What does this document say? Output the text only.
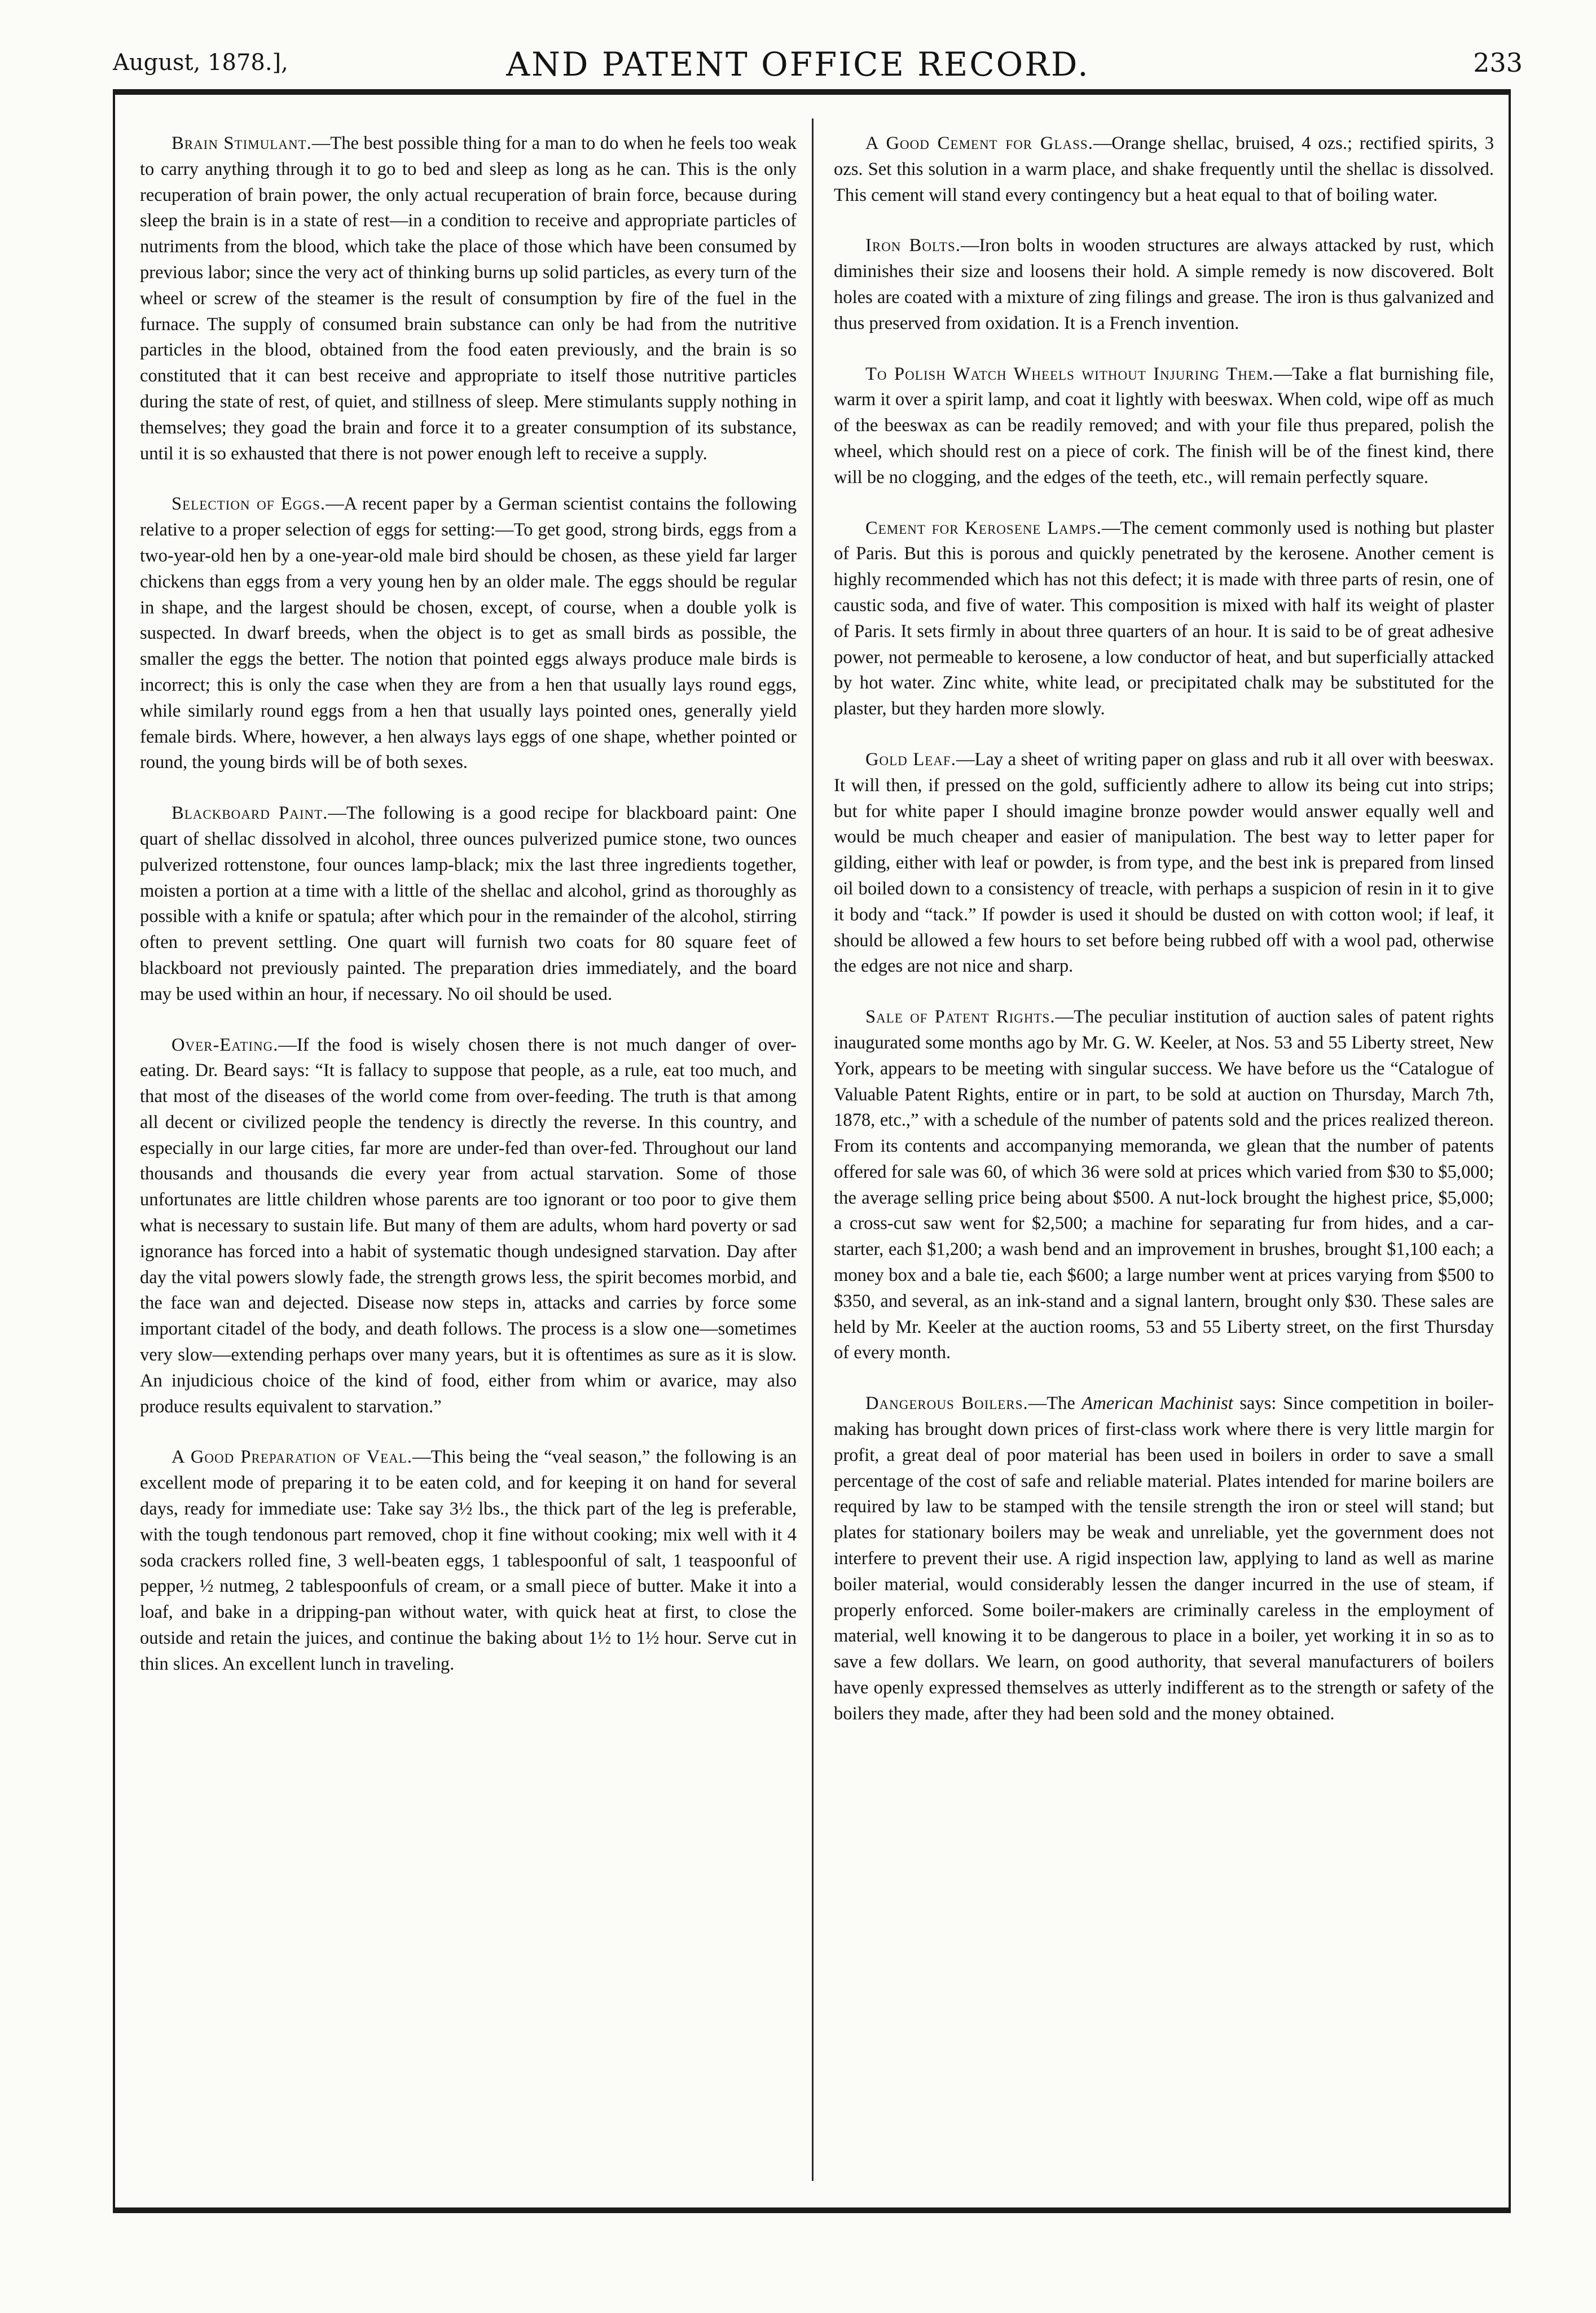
August, 1878.],	AND PATENT OFFICE RECORD.	233

Brain Stimulant.—The best possible thing for a man to do when he feels too weak to carry anything through it to go to bed and sleep as long as he can. This is the only recuperation of brain power, the only actual recuperation of brain force, because during sleep the brain is in a state of rest—in a condition to receive and appropriate particles of nutriments from the blood, which take the place of those which have been consumed by previous labor; since the very act of thinking burns up solid particles, as every turn of the wheel or screw of the steamer is the result of consumption by fire of the fuel in the furnace. The supply of consumed brain substance can only be had from the nutritive particles in the blood, obtained from the food eaten previously, and the brain is so constituted that it can best receive and appropriate to itself those nutritive particles during the state of rest, of quiet, and stillness of sleep. Mere stimulants supply nothing in themselves; they goad the brain and force it to a greater consumption of its substance, until it is so exhausted that there is not power enough left to receive a supply.

Selection of Eggs.—A recent paper by a German scientist contains the following relative to a proper selection of eggs for setting:—To get good, strong birds, eggs from a two-year-old hen by a one-year-old male bird should be chosen, as these yield far larger chickens than eggs from a very young hen by an older male. The eggs should be regular in shape, and the largest should be chosen, except, of course, when a double yolk is suspected. In dwarf breeds, when the object is to get as small birds as possible, the smaller the eggs the better. The notion that pointed eggs always produce male birds is incorrect; this is only the case when they are from a hen that usually lays round eggs, while similarly round eggs from a hen that usually lays pointed ones, generally yield female birds. Where, however, a hen always lays eggs of one shape, whether pointed or round, the young birds will be of both sexes.

Blackboard Paint.—The following is a good recipe for blackboard paint: One quart of shellac dissolved in alcohol, three ounces pulverized pumice stone, two ounces pulverized rottenstone, four ounces lamp-black; mix the last three ingredients together, moisten a portion at a time with a little of the shellac and alcohol, grind as thoroughly as possible with a knife or spatula; after which pour in the remainder of the alcohol, stirring often to prevent settling. One quart will furnish two coats for 80 square feet of blackboard not previously painted. The preparation dries immediately, and the board may be used within an hour, if necessary. No oil should be used.

Over-Eating.—If the food is wisely chosen there is not much danger of over-eating. Dr. Beard says: “It is fallacy to suppose that people, as a rule, eat too much, and that most of the diseases of the world come from over-feeding. The truth is that among all decent or civilized people the tendency is directly the reverse. In this country, and especially in our large cities, far more are under-fed than over-fed. Throughout our land thousands and thousands die every year from actual starvation. Some of those unfortunates are little children whose parents are too ignorant or too poor to give them what is necessary to sustain life. But many of them are adults, whom hard poverty or sad ignorance has forced into a habit of systematic though undesigned starvation. Day after day the vital powers slowly fade, the strength grows less, the spirit becomes morbid, and the face wan and dejected. Disease now steps in, attacks and carries by force some important citadel of the body, and death follows. The process is a slow one—sometimes very slow—extending perhaps over many years, but it is oftentimes as sure as it is slow. An injudicious choice of the kind of food, either from whim or avarice, may also produce results equivalent to starvation.”

A Good Preparation of Veal.—This being the “veal season,” the following is an excellent mode of preparing it to be eaten cold, and for keeping it on hand for several days, ready for immediate use: Take say 3½ lbs., the thick part of the leg is preferable, with the tough tendonous part removed, chop it fine without cooking; mix well with it 4 soda crackers rolled fine, 3 well-beaten eggs, 1 tablespoonful of salt, 1 teaspoonful of pepper, ½ nutmeg, 2 tablespoonfuls of cream, or a small piece of butter. Make it into a loaf, and bake in a dripping-pan without water, with quick heat at first, to close the outside and retain the juices, and continue the baking about 1½ to 1½ hour. Serve cut in thin slices. An excellent lunch in traveling.

A Good Cement for Glass.—Orange shellac, bruised, 4 ozs.; rectified spirits, 3 ozs. Set this solution in a warm place, and shake frequently until the shellac is dissolved. This cement will stand every contingency but a heat equal to that of boiling water.

Iron Bolts.—Iron bolts in wooden structures are always attacked by rust, which diminishes their size and loosens their hold. A simple remedy is now discovered. Bolt holes are coated with a mixture of zing filings and grease. The iron is thus galvanized and thus preserved from oxidation. It is a French invention.

To Polish Watch Wheels without Injuring Them.—Take a flat burnishing file, warm it over a spirit lamp, and coat it lightly with beeswax. When cold, wipe off as much of the beeswax as can be readily removed; and with your file thus prepared, polish the wheel, which should rest on a piece of cork. The finish will be of the finest kind, there will be no clogging, and the edges of the teeth, etc., will remain perfectly square.

Cement for Kerosene Lamps.—The cement commonly used is nothing but plaster of Paris. But this is porous and quickly penetrated by the kerosene. Another cement is highly recommended which has not this defect; it is made with three parts of resin, one of caustic soda, and five of water. This composition is mixed with half its weight of plaster of Paris. It sets firmly in about three quarters of an hour. It is said to be of great adhesive power, not permeable to kerosene, a low conductor of heat, and but superficially attacked by hot water. Zinc white, white lead, or precipitated chalk may be substituted for the plaster, but they harden more slowly.

Gold Leaf.—Lay a sheet of writing paper on glass and rub it all over with beeswax. It will then, if pressed on the gold, sufficiently adhere to allow its being cut into strips; but for white paper I should imagine bronze powder would answer equally well and would be much cheaper and easier of manipulation. The best way to letter paper for gilding, either with leaf or powder, is from type, and the best ink is prepared from linsed oil boiled down to a consistency of treacle, with perhaps a suspicion of resin in it to give it body and “tack.” If powder is used it should be dusted on with cotton wool; if leaf, it should be allowed a few hours to set before being rubbed off with a wool pad, otherwise the edges are not nice and sharp.

Sale of Patent Rights.—The peculiar institution of auction sales of patent rights inaugurated some months ago by Mr. G. W. Keeler, at Nos. 53 and 55 Liberty street, New York, appears to be meeting with singular success. We have before us the “Catalogue of Valuable Patent Rights, entire or in part, to be sold at auction on Thursday, March 7th, 1878, etc.,” with a schedule of the number of patents sold and the prices realized thereon. From its contents and accompanying memoranda, we glean that the number of patents offered for sale was 60, of which 36 were sold at prices which varied from $30 to $5,000; the average selling price being about $500. A nut-lock brought the highest price, $5,000; a cross-cut saw went for $2,500; a machine for separating fur from hides, and a car-starter, each $1,200; a wash bend and an improvement in brushes, brought $1,100 each; a money box and a bale tie, each $600; a large number went at prices varying from $500 to $350, and several, as an ink-stand and a signal lantern, brought only $30. These sales are held by Mr. Keeler at the auction rooms, 53 and 55 Liberty street, on the first Thursday of every month.

Dangerous Boilers.—The American Machinist says: Since competition in boiler-making has brought down prices of first-class work where there is very little margin for profit, a great deal of poor material has been used in boilers in order to save a small percentage of the cost of safe and reliable material. Plates intended for marine boilers are required by law to be stamped with the tensile strength the iron or steel will stand; but plates for stationary boilers may be weak and unreliable, yet the government does not interfere to prevent their use. A rigid inspection law, applying to land as well as marine boiler material, would considerably lessen the danger incurred in the use of steam, if properly enforced. Some boiler-makers are criminally careless in the employment of material, well knowing it to be dangerous to place in a boiler, yet working it in so as to save a few dollars. We learn, on good authority, that several manufacturers of boilers have openly expressed themselves as utterly indifferent as to the strength or safety of the boilers they made, after they had been sold and the money obtained.
